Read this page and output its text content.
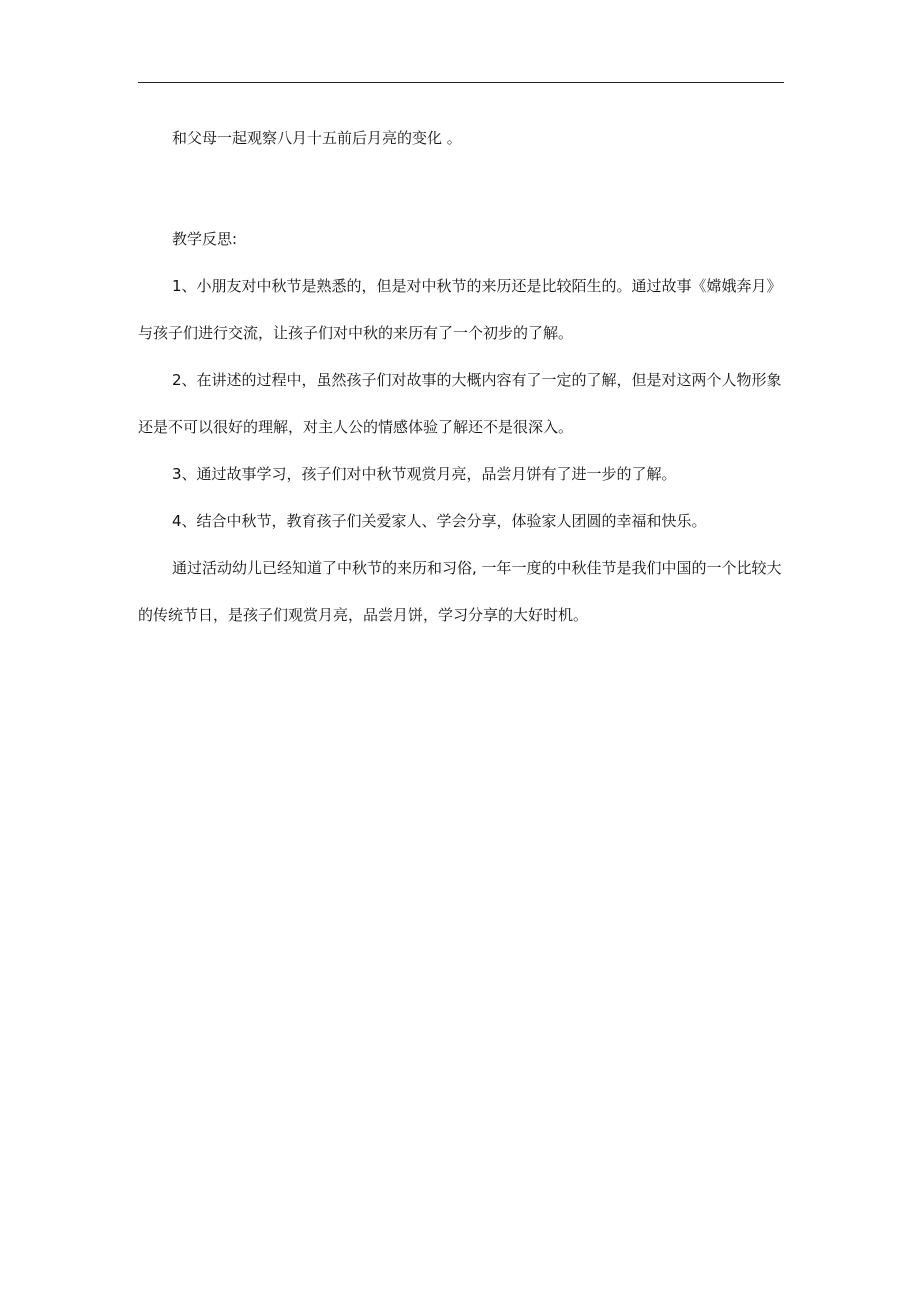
和父母一起观察八月十五前后月亮的变化 。

教学反思:

1、小朋友对中秋节是熟悉的，但是对中秋节的来历还是比较陌生的。通过故事《嫦娥奔月》与孩子们进行交流，让孩子们对中秋的来历有了一个初步的了解。

2、在讲述的过程中，虽然孩子们对故事的大概内容有了一定的了解，但是对这两个人物形象还是不可以很好的理解，对主人公的情感体验了解还不是很深入。

3、通过故事学习，孩子们对中秋节观赏月亮，品尝月饼有了进一步的了解。

4、结合中秋节，教育孩子们关爱家人、学会分享，体验家人团圆的幸福和快乐。

通过活动幼儿已经知道了中秋节的来历和习俗, 一年一度的中秋佳节是我们中国的一个比较大的传统节日，是孩子们观赏月亮，品尝月饼，学习分享的大好时机。
